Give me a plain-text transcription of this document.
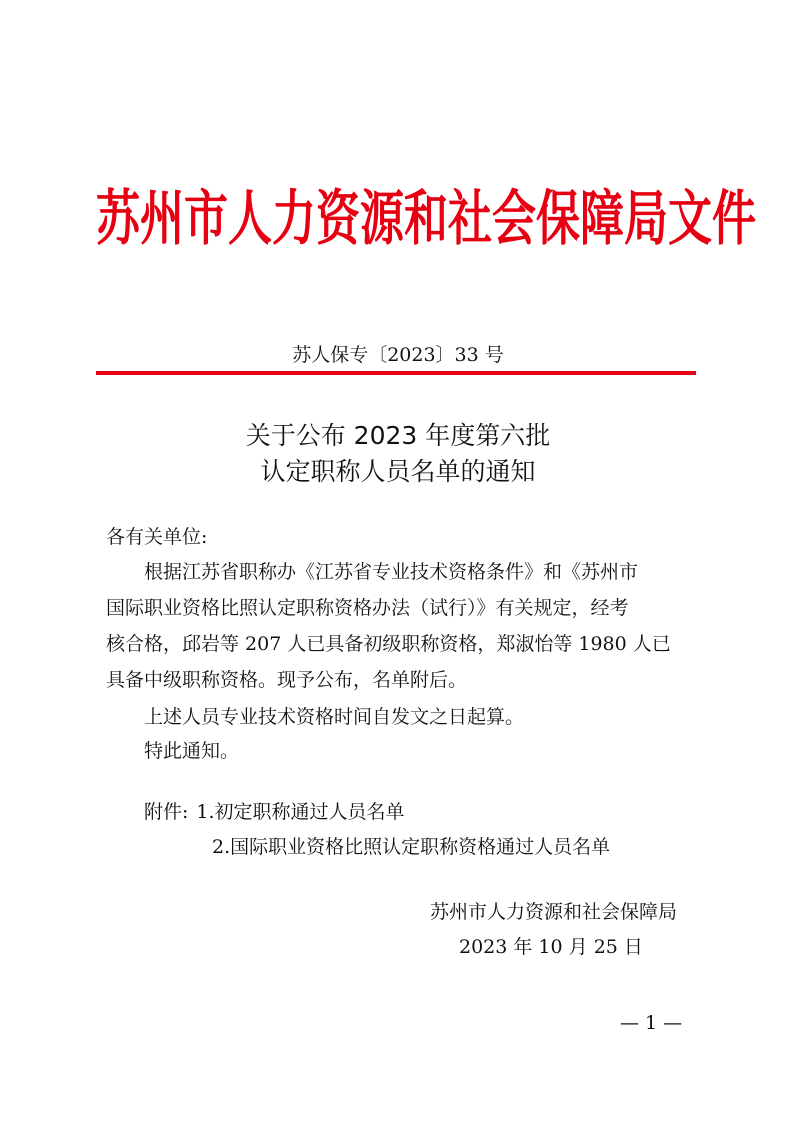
苏州市人力资源和社会保障局文件
苏人保专〔2023〕33 号
关于公布 2023 年度第六批
认定职称人员名单的通知
各有关单位:
根据江苏省职称办《江苏省专业技术资格条件》和《苏州市
国际职业资格比照认定职称资格办法（试行）》有关规定，经考
核合格，邱岩等 207 人已具备初级职称资格，郑淑怡等 1980 人已
具备中级职称资格。现予公布，名单附后。
上述人员专业技术资格时间自发文之日起算。
特此通知。
附件: 1.初定职称通过人员名单
2.国际职业资格比照认定职称资格通过人员名单
苏州市人力资源和社会保障局
2023 年 10 月 25 日
— 1 —
